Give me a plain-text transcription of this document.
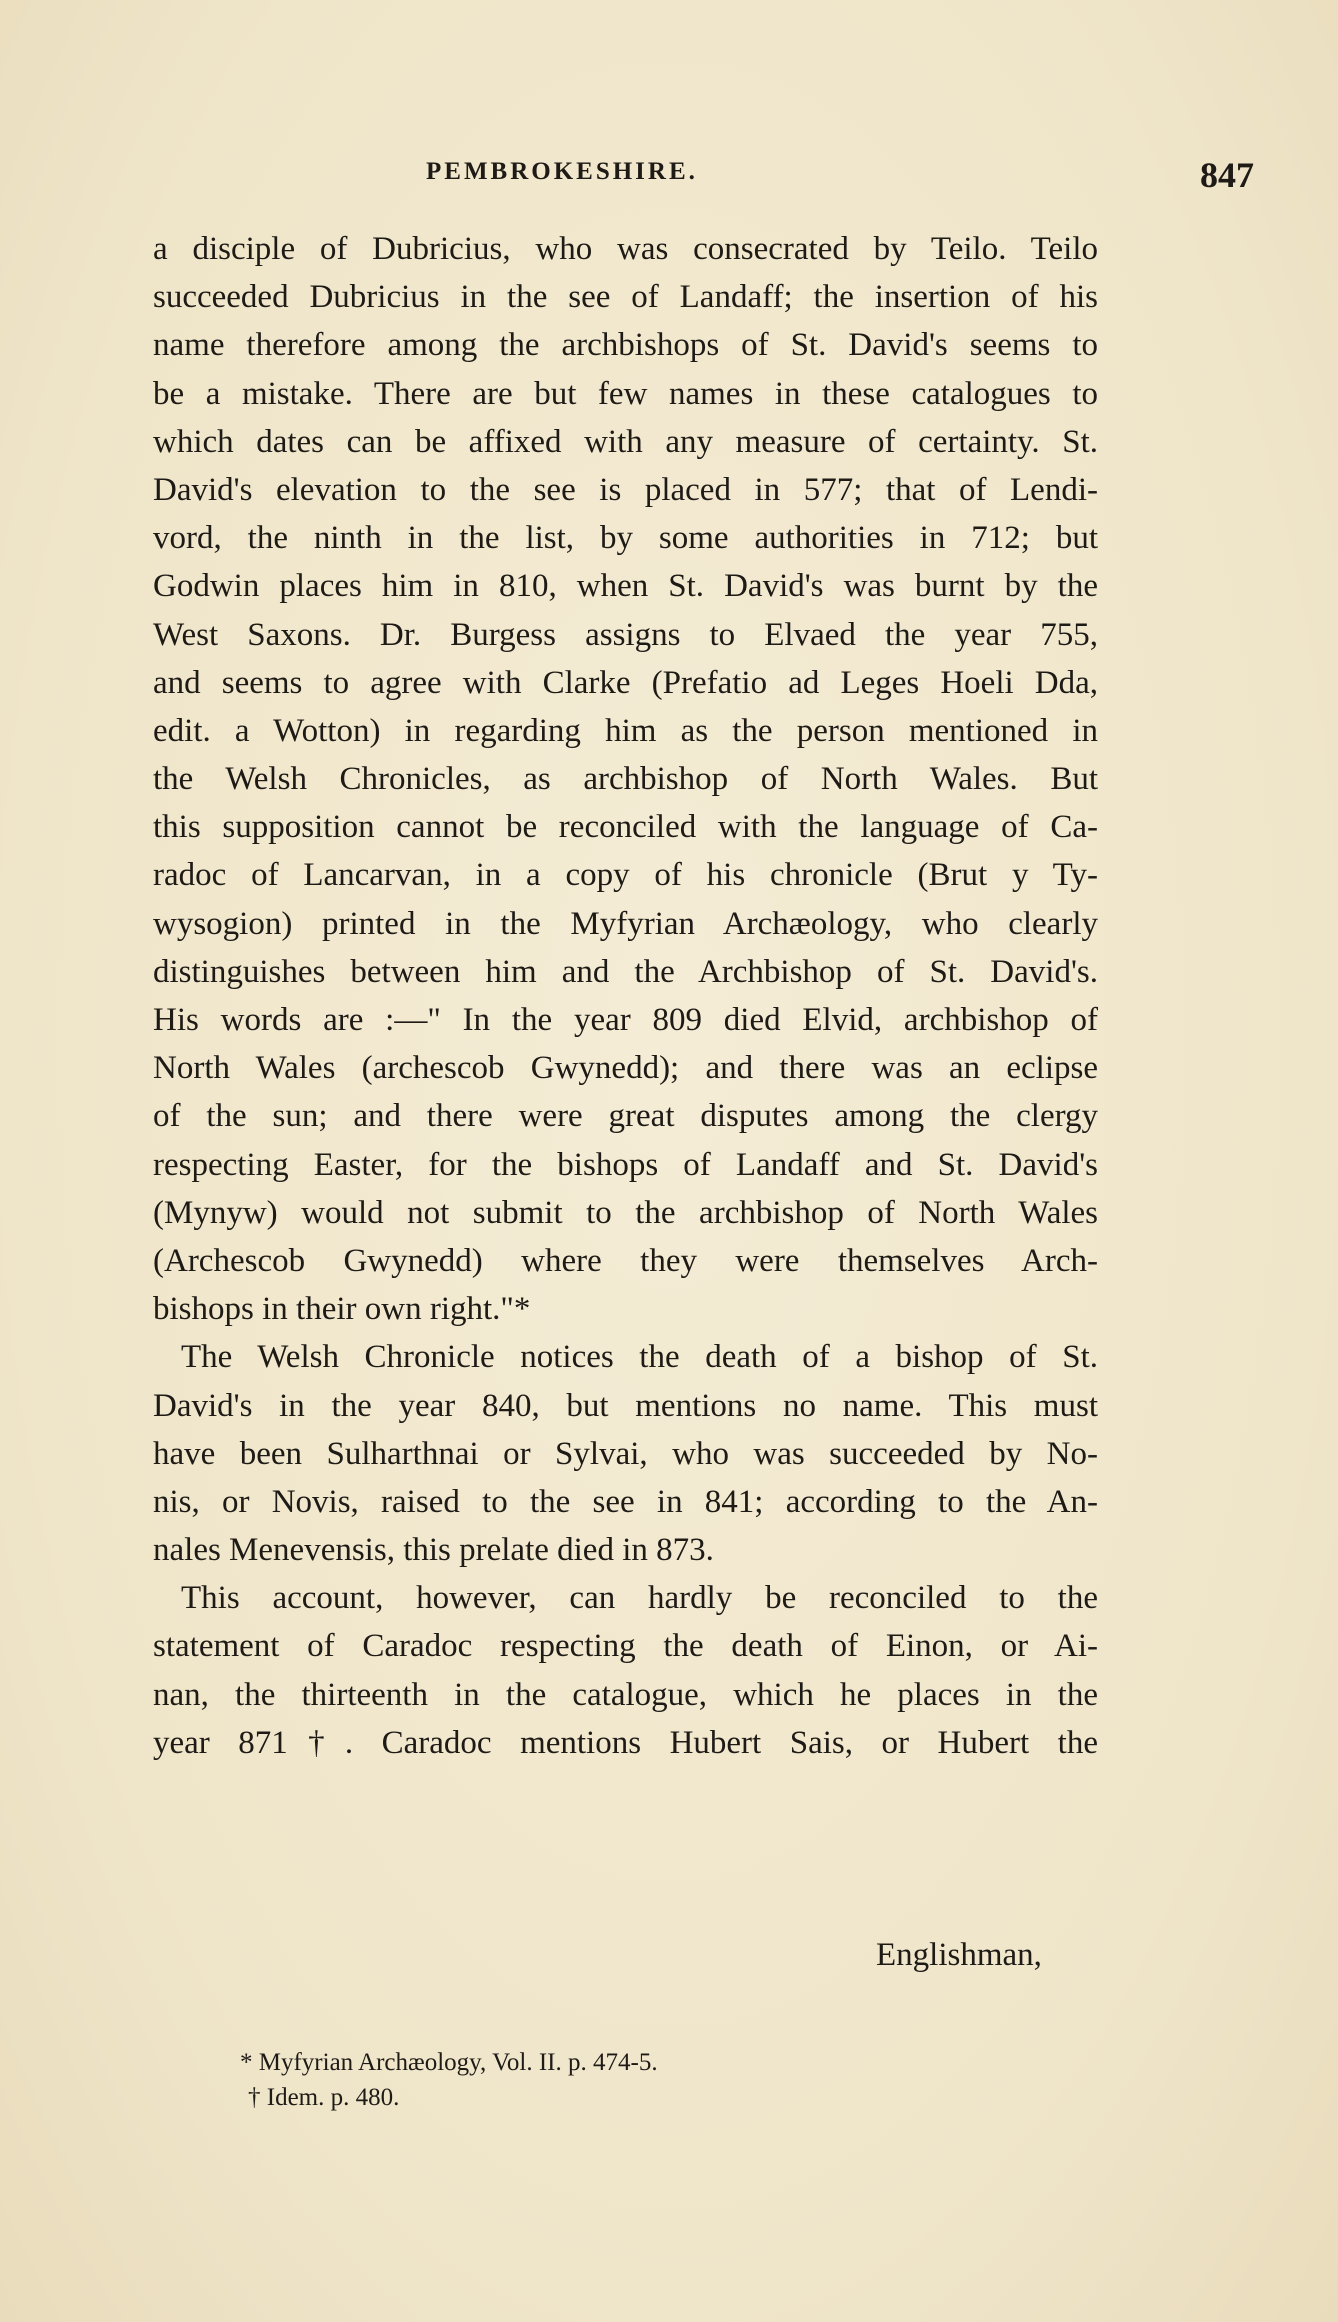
PEMBROKESHIRE.	847
a disciple of Dubricius, who was consecrated by Teilo. Teilo
succeeded Dubricius in the see of Landaff; the insertion of his
name therefore among the archbishops of St. David's seems to
be a mistake. There are but few names in these catalogues to
which dates can be affixed with any measure of certainty. St.
David's elevation to the see is placed in 577; that of Lendi-
vord, the ninth in the list, by some authorities in 712; but
Godwin places him in 810, when St. David's was burnt by the
West Saxons. Dr. Burgess assigns to Elvaed the year 755,
and seems to agree with Clarke (Prefatio ad Leges Hoeli Dda,
edit. a Wotton) in regarding him as the person mentioned in
the Welsh Chronicles, as archbishop of North Wales. But
this supposition cannot be reconciled with the language of Ca-
radoc of Lancarvan, in a copy of his chronicle (Brut y Ty-
wysogion) printed in the Myfyrian Archæology, who clearly
distinguishes between him and the Archbishop of St. David's.
His words are :—" In the year 809 died Elvid, archbishop of
North Wales (archescob Gwynedd); and there was an eclipse
of the sun; and there were great disputes among the clergy
respecting Easter, for the bishops of Landaff and St. David's
(Mynyw) would not submit to the archbishop of North Wales
(Archescob Gwynedd) where they were themselves Arch-
bishops in their own right."*
The Welsh Chronicle notices the death of a bishop of St.
David's in the year 840, but mentions no name. This must
have been Sulharthnai or Sylvai, who was succeeded by No-
nis, or Novis, raised to the see in 841; according to the An-
nales Menevensis, this prelate died in 873.
This account, however, can hardly be reconciled to the
statement of Caradoc respecting the death of Einon, or Ai-
nan, the thirteenth in the catalogue, which he places in the
year 871†. Caradoc mentions Hubert Sais, or Hubert the
Englishman,
* Myfyrian Archæology, Vol. II. p. 474-5.
† Idem. p. 480.
